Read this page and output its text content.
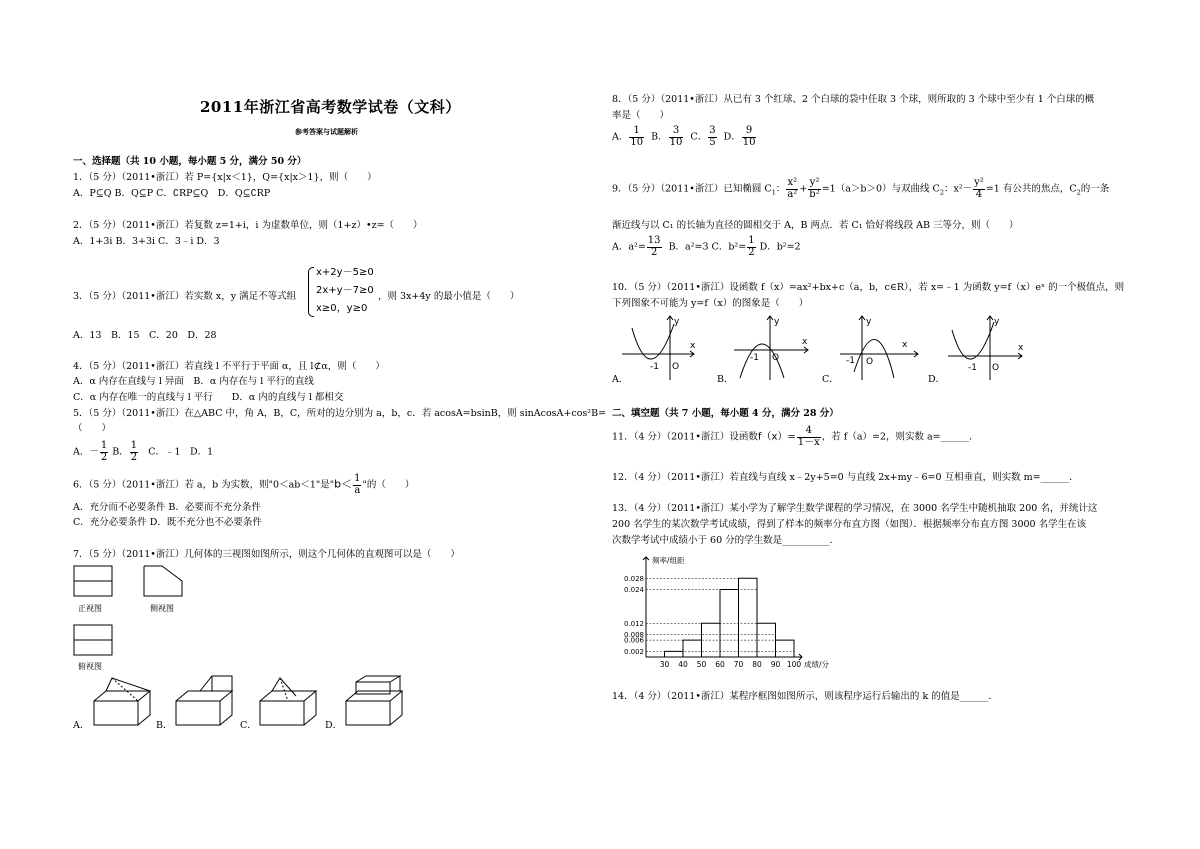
2011年浙江省高考数学试卷（文科）
参考答案与试题解析
一、选择题（共 10 小题，每小题 5 分，满分 50 分）
1．（5 分）（2011•浙江）若 P={x|x＜1}，Q={x|x＞1}，则（　　）
A．P⊆Q B．Q⊆P C．∁RP⊆Q　D．Q⊆∁RP
2．（5 分）（2011•浙江）若复数 z=1+i，i 为虚数单位，则（1+z）•z=（　　）
A．1+3i B．3+3i C．3﹣i D．3
3．（5 分）（2011•浙江）若实数 x，y 满足不等式组
x+2y－5≥0
2x+y－7≥0
x≥0，y≥0
，则 3x+4y 的最小值是（　　）
A．13　B．15　C．20　D．28
4．（5 分）（2011•浙江）若直线 l 不平行于平面 α，且 l⊄α，则（　　）
A．α 内存在直线与 l 异面　B．α 内存在与 l 平行的直线
C．α 内存在唯一的直线与 l 平行　　D．α 内的直线与 l 都相交
5．（5 分）（2011•浙江）在△ABC 中，角 A，B，C，所对的边分别为 a，b，c．若 acosA=bsinB，则 sinAcosA+cos²B=
（　　）
A．－ $\frac{1}{2}$ B． $\frac{1}{2}$ C．﹣1　D．1
6．（5 分）（2011•浙江）若 a，b 为实数，则"0＜ab＜1"是"$b< \frac{1}{a}$ "的（　　）
A．充分而不必要条件 B．必要而不充分条件
C．充分必要条件 D．既不充分也不必要条件
7．（5 分）（2011•浙江）几何体的三视图如图所示，则这个几何体的直观图可以是（　　）
正视图	侧视图
俯视图
A．	B．	C．	D．
8．（5 分）（2011•浙江）从已有 3 个红球、2 个白球的袋中任取 3 个球，则所取的 3 个球中至少有 1 个白球的概
率是（　　）
A． $\frac{1}{10}$ B． $\frac{3}{10}$ C． $\frac{3}{5}$ D． $\frac{9}{10}$
9．（5 分）（2011•浙江）已知椭圆 $C_1$： $\frac{\text{x²}}{\text{a²}} + \frac{\text{y²}}{\text{b²}} =1(a>b>0)$与双曲线 $C_2$：$x^2- \frac{\text{y²}}{4} =1$ 有公共的焦点，$C_2$的一条
渐近线与以 C₁ 的长轴为直径的圆相交于 A，B 两点．若 C₁ 恰好将线段 AB 三等分，则（　　）
A．$a^2= \frac{13}{2}$ B．a²=3 C．$b^2= \frac{1}{2}$ D．b²=2
10．（5 分）（2011•浙江）设函数 f（x）=ax²+bx+c（a，b，c∈R），若 x=﹣1 为函数 y=f（x）eˣ 的一个极值点，则
下列图象不可能为 y=f（x）的图象是（　　）
x
y
-1 O
x
y
-1 O
x
y
-1 O
x
y
-1 O
A．	B．	C．	D．
二、填空题（共 7 小题，每小题 4 分，满分 28 分）
11．（4 分）（2011•浙江）设函数$f(x)= \frac{4}{1-x}$ ，若 f（a）=2，则实数 a=______．
12．（4 分）（2011•浙江）若直线与直线 x﹣2y+5=0 与直线 2x+my﹣6=0 互相垂直，则实数 m=______．
13．（4 分）（2011•浙江）某小学为了解学生数学课程的学习情况，在 3000 名学生中随机抽取 200 名，并统计这
200 名学生的某次数学考试成绩，得到了样本的频率分布直方图（如图）．根据频率分布直方图 3000 名学生在该
次数学考试中成绩小于 60 分的学生数是__________．
0.028
0.024
0.012
0.008
0.006
0.002
30 40 50 60 70 80 90 100
频率/组距
成绩/分
14．（4 分）（2011•浙江）某程序框图如图所示，则该程序运行后输出的 k 的值是______．
